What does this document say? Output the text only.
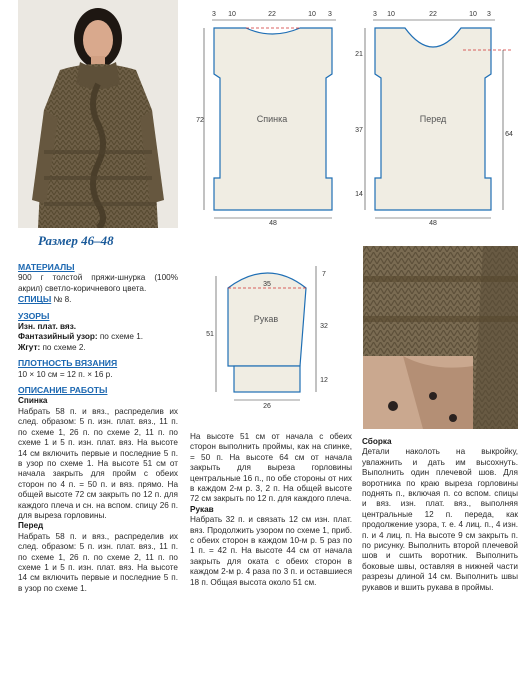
Размер 46–48
3 10	22	10 3
Спинка
72
48
3 10	22	10 3
Перед
21
37
14
64
48
35
Рукав
51
7
32
12
26

МАТЕРИАЛЫ

900 г толстой пряжи-шнурка (100% акрил) светло-коричневого цвета.

СПИЦЫ № 8.

УЗОРЫ

Изн. плат. вяз.

Фантазийный узор: по схеме 1.

Жгут: по схеме 2.

ПЛОТНОСТЬ ВЯЗАНИЯ

10 × 10 см = 12 п. × 16 р.

ОПИСАНИЕ РАБОТЫ

Спинка

Набрать 58 п. и вяз., распределив их след. образом: 5 п. изн. плат. вяз., 11 п. по схеме 1, 26 п. по схеме 2, 11 п. по схеме 1 и 5 п. изн. плат. вяз. На высоте 14 см включить первые и последние 5 п. в узор по схеме 1. На высоте 51 см от начала закрыть для пройм с обеих сторон по 4 п. = 50 п. и вяз. прямо. На общей высоте 72 см закрыть по 12 п. для каждого плеча и сн. на вспом. спицу 26 п. для выреза горловины.

Перед

Набрать 58 п. и вяз., распределив их след. образом: 5 п. изн. плат. вяз., 11 п. по схеме 1, 26 п. по схеме 2, 11 п. по схеме 1 и 5 п. изн. плат. вяз. На высоте 14 см включить первые и последние 5 п. в узор по схеме 1.

На высоте 51 см от начала с обеих сторон выполнить проймы, как на спинке, = 50 п. На высоте 64 см от начала закрыть для выреза горловины центральные 16 п., по обе стороны от них в каждом 2-м р. 3, 2 п. На общей высоте 72 см закрыть по 12 п. для каждого плеча.

Рукав

Набрать 32 п. и связать 12 см изн. плат. вяз. Продолжить узором по схеме 1, приб. с обеих сторон в каждом 10-м р. 5 раз по 1 п. = 42 п. На высоте 44 см от начала закрыть для оката с обеих сторон в каждом 2-м р. 4 раза по 3 п. и оставшиеся 18 п. Общая высота около 51 см.

Сборка

Детали наколоть на выкройку, увлажнить и дать им высохнуть. Выполнить один плечевой шов. Для воротника по краю выреза горловины поднять п., включая п. со вспом. спицы и вяз. изн. плат. вяз., выполняя центральные 12 п. переда, как продолжение узора, т. е. 4 лиц. п., 4 изн. п. и 4 лиц. п. На высоте 9 см закрыть п. по рисунку. Выполнить второй плечевой шов и сшить воротник. Выполнить боковые швы, оставляя в нижней части разрезы длиной 14 см. Выполнить швы рукавов и вшить рукава в проймы.
